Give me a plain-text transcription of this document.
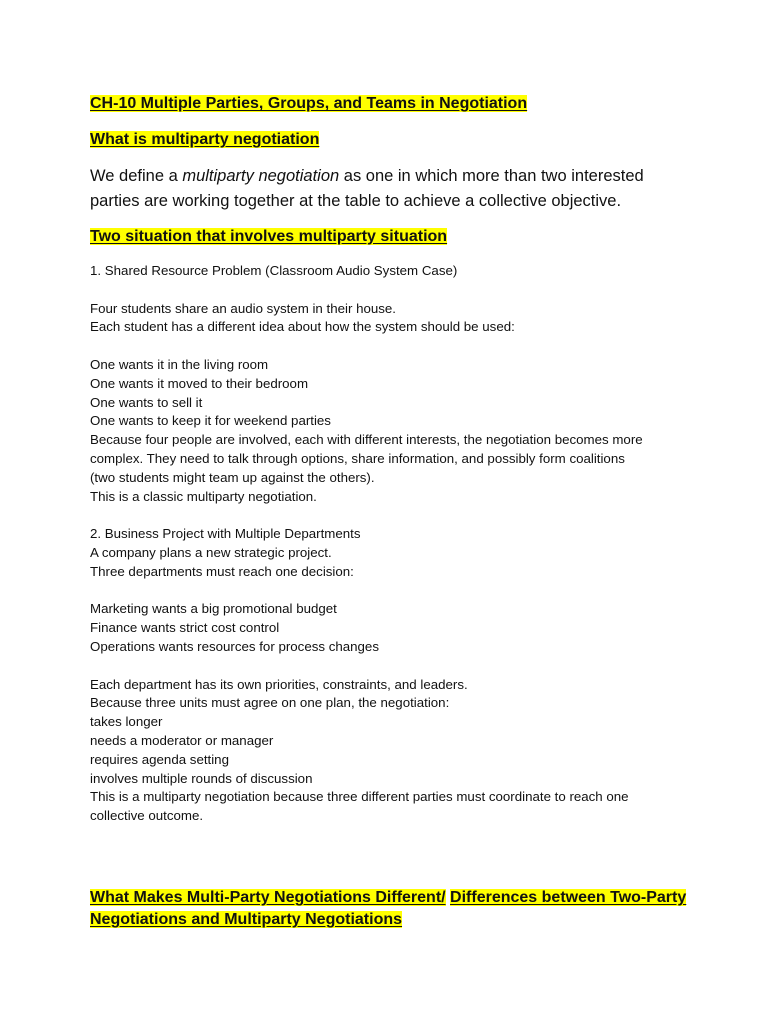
CH-10 Multiple Parties, Groups, and Teams in Negotiation
What is multiparty negotiation
We define a multiparty negotiation as one in which more than two interested parties are working together at the table to achieve a collective objective.
Two situation that involves multiparty situation
1. Shared Resource Problem (Classroom Audio System Case)
Four students share an audio system in their house.
Each student has a different idea about how the system should be used:
One wants it in the living room
One wants it moved to their bedroom
One wants to sell it
One wants to keep it for weekend parties
Because four people are involved, each with different interests, the negotiation becomes more
complex. They need to talk through options, share information, and possibly form coalitions
(two students might team up against the others).
This is a classic multiparty negotiation.
2. Business Project with Multiple Departments
A company plans a new strategic project.
Three departments must reach one decision:
Marketing wants a big promotional budget
Finance wants strict cost control
Operations wants resources for process changes
Each department has its own priorities, constraints, and leaders.
Because three units must agree on one plan, the negotiation:
takes longer
needs a moderator or manager
requires agenda setting
involves multiple rounds of discussion
This is a multiparty negotiation because three different parties must coordinate to reach one
collective outcome.
What Makes Multi-Party Negotiations Different/ Differences between Two-Party Negotiations and Multiparty Negotiations
